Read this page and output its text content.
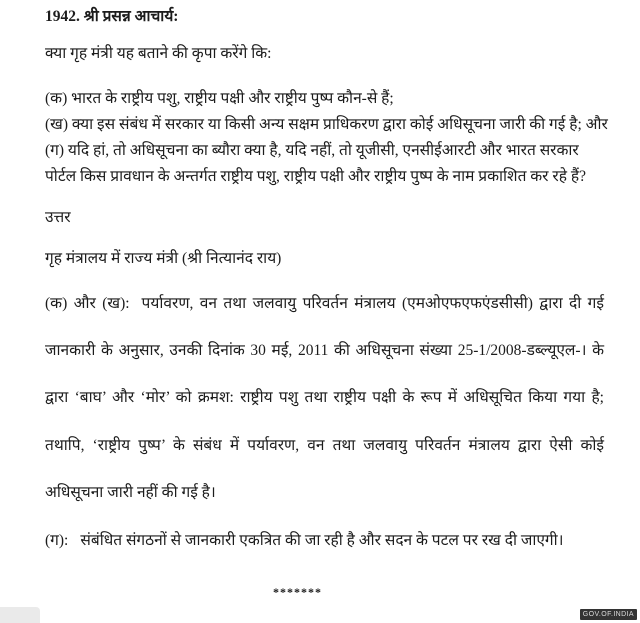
1942. श्री प्रसन्न आचार्य:
क्या गृह मंत्री यह बताने की कृपा करेंगे कि:
(क) भारत के राष्ट्रीय पशु, राष्ट्रीय पक्षी और राष्ट्रीय पुष्प कौन-से हैं;
(ख) क्या इस संबंध में सरकार या किसी अन्य सक्षम प्राधिकरण द्वारा कोई अधिसूचना जारी की गई है; और
(ग) यदि हां, तो अधिसूचना का ब्यौरा क्या है, यदि नहीं, तो यूजीसी, एनसीईआरटी और भारत सरकार
पोर्टल किस प्रावधान के अन्तर्गत राष्ट्रीय पशु, राष्ट्रीय पक्षी और राष्ट्रीय पुष्प के नाम प्रकाशित कर रहे हैं?
उत्तर
गृह मंत्रालय में राज्य मंत्री (श्री नित्यानंद राय)
(क) और (ख): पर्यावरण, वन तथा जलवायु परिवर्तन मंत्रालय (एमओएफएफएंडसीसी) द्वारा दी गई
जानकारी के अनुसार, उनकी दिनांक 30 मई, 2011 की अधिसूचना संख्या 25-1/2008-डब्ल्यूएल-। के
द्वारा ‘बाघ’ और ‘मोर’ को क्रमश: राष्ट्रीय पशु तथा राष्ट्रीय पक्षी के रूप में अधिसूचित किया गया है;
तथापि, ‘राष्ट्रीय पुष्प’ के संबंध में पर्यावरण, वन तथा जलवायु परिवर्तन मंत्रालय द्वारा ऐसी कोई
अधिसूचना जारी नहीं की गई है।
(ग): संबंधित संगठनों से जानकारी एकत्रित की जा रही है और सदन के पटल पर रख दी जाएगी।
*******
GOV.OF.INDIA
